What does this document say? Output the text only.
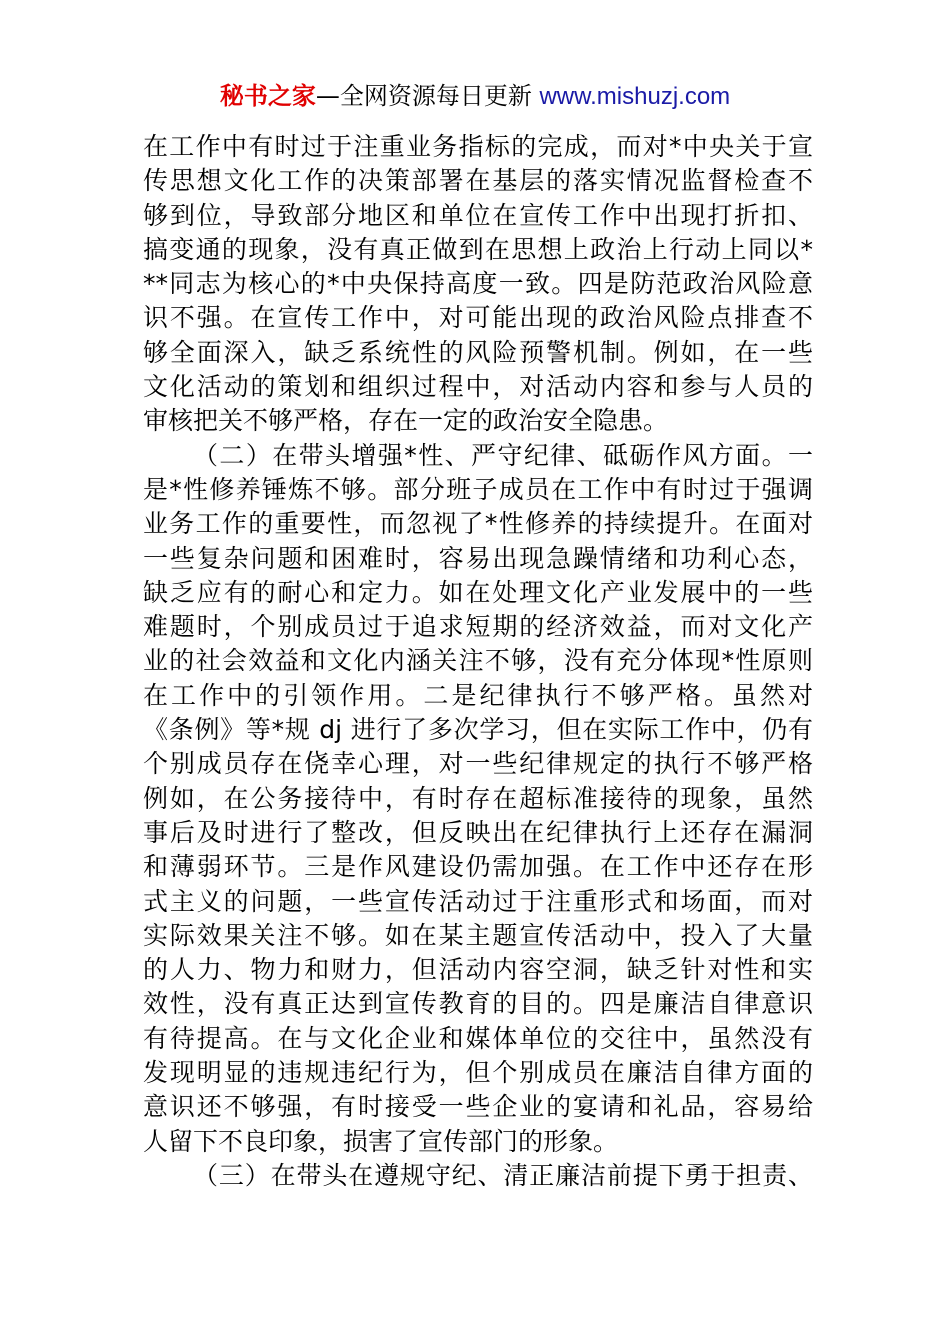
秘书之家—全网资源每日更新 www.mishuzj.com
在工作中有时过于注重业务指标的完成，而对*中央关于宣
传思想文化工作的决策部署在基层的落实情况监督检查不
够到位，导致部分地区和单位在宣传工作中出现打折扣、
搞变通的现象，没有真正做到在思想上政治上行动上同以*
**同志为核心的*中央保持高度一致。四是防范政治风险意
识不强。在宣传工作中，对可能出现的政治风险点排查不
够全面深入，缺乏系统性的风险预警机制。例如，在一些
文化活动的策划和组织过程中，对活动内容和参与人员的
审核把关不够严格，存在一定的政治安全隐患。
（二）在带头增强*性、严守纪律、砥砺作风方面。一
是*性修养锤炼不够。部分班子成员在工作中有时过于强调
业务工作的重要性，而忽视了*性修养的持续提升。在面对
一些复杂问题和困难时，容易出现急躁情绪和功利心态，
缺乏应有的耐心和定力。如在处理文化产业发展中的一些
难题时，个别成员过于追求短期的经济效益，而对文化产
业的社会效益和文化内涵关注不够，没有充分体现*性原则
在工作中的引领作用。二是纪律执行不够严格。虽然对
《条例》等*规 dj 进行了多次学习，但在实际工作中，仍有
个别成员存在侥幸心理，对一些纪律规定的执行不够严格
例如，在公务接待中，有时存在超标准接待的现象，虽然
事后及时进行了整改，但反映出在纪律执行上还存在漏洞
和薄弱环节。三是作风建设仍需加强。在工作中还存在形
式主义的问题，一些宣传活动过于注重形式和场面，而对
实际效果关注不够。如在某主题宣传活动中，投入了大量
的人力、物力和财力，但活动内容空洞，缺乏针对性和实
效性，没有真正达到宣传教育的目的。四是廉洁自律意识
有待提高。在与文化企业和媒体单位的交往中，虽然没有
发现明显的违规违纪行为，但个别成员在廉洁自律方面的
意识还不够强，有时接受一些企业的宴请和礼品，容易给
人留下不良印象，损害了宣传部门的形象。
（三）在带头在遵规守纪、清正廉洁前提下勇于担责、
